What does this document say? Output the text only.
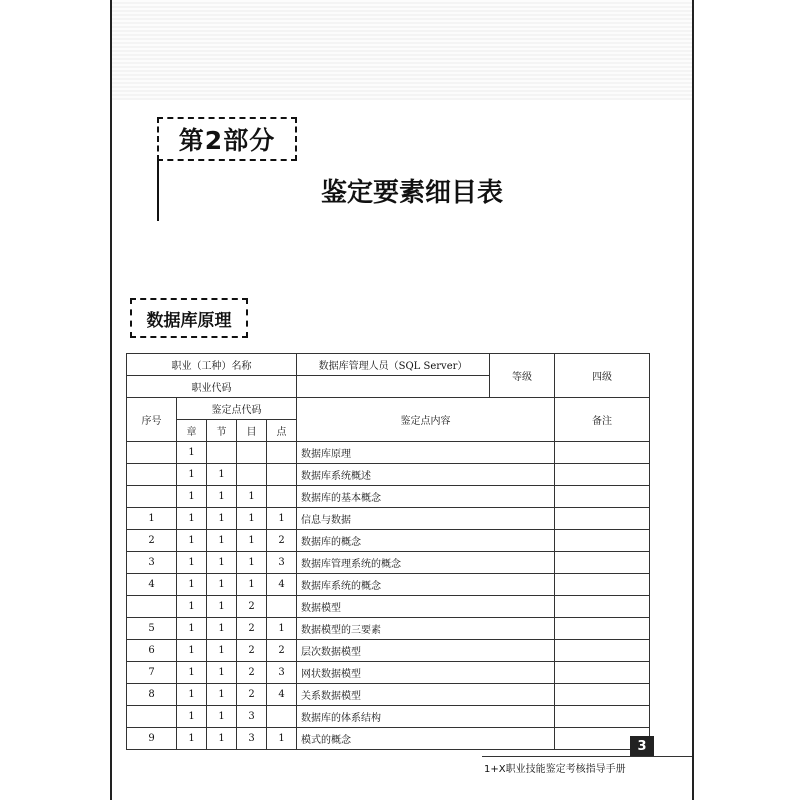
第2部分
鉴定要素细目表
数据库原理
职业（工种）名称					数据库管理人员（SQL Server）	等级	四级
职业代码							
序号	鉴定点代码				鉴定点内容		备注
	章	节	目	点			
	1				数据库原理		
	1	1			数据库系统概述		
	1	1	1		数据库的基本概念		
1	1	1	1	1	信息与数据		
2	1	1	1	2	数据库的概念		
3	1	1	1	3	数据库管理系统的概念		
4	1	1	1	4	数据库系统的概念		
	1	1	2		数据模型		
5	1	1	2	1	数据模型的三要素		
6	1	1	2	2	层次数据模型		
7	1	1	2	3	网状数据模型		
8	1	1	2	4	关系数据模型		
	1	1	3		数据库的体系结构		
9	1	1	3	1	模式的概念			3
1+X职业技能鉴定考核指导手册
